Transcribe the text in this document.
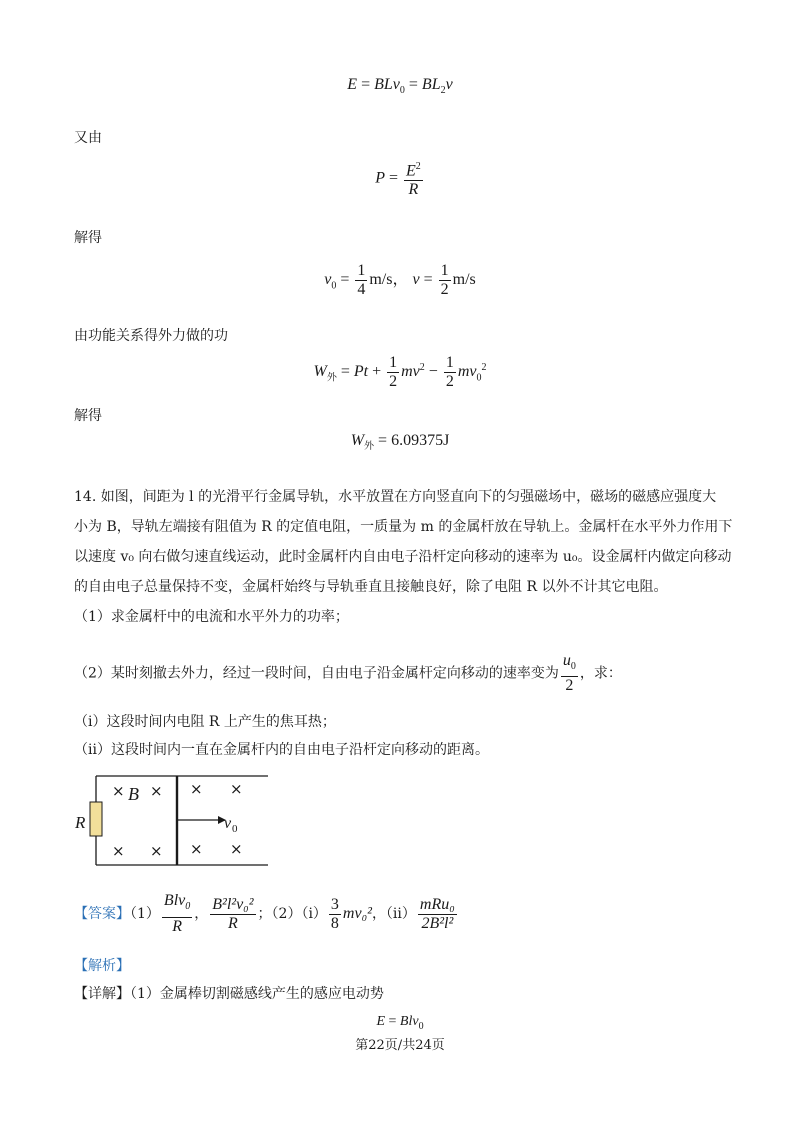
$E = BLv_0 = BL_2v$
又由
$P = \frac{E^2}{R}$
解得
$v_0 = \frac{1}{4} m/s$， $v = \frac{1}{2} m/s$
由功能关系得外力做的功
$W_外 = Pt + \frac{1}{2} mv^2 - \frac{1}{2} mv_0^2$
解得
$W_外 = 6.09375J$
14. 如图，间距为 l 的光滑平行金属导轨，水平放置在方向竖直向下的匀强磁场中，磁场的磁感应强度大
小为 B，导轨左端接有阻值为 R 的定值电阻，一质量为 m 的金属杆放在导轨上。金属杆在水平外力作用下
以速度 v₀ 向右做匀速直线运动，此时金属杆内自由电子沿杆定向移动的速率为 u₀。设金属杆内做定向移动
的自由电子总量保持不变，金属杆始终与导轨垂直且接触良好，除了电阻 R 以外不计其它电阻。
（1）求金属杆中的电流和水平外力的功率；
（2）某时刻撤去外力，经过一段时间，自由电子沿金属杆定向移动的速率变为 $\frac{u_0}{2}$ ，求：
（i）这段时间内电阻 R 上产生的焦耳热；
（ii）这段时间内一直在金属杆内的自由电子沿杆定向移动的距离。
× × × ×
× × × ×
B
R	v 0
【答案】$(1) \frac{Blv_0}{R}$ ， $\frac{\text{B²l²v₀²}}{R}$ ；$(2)(i) \frac{3}{8} mv_0^2$，$(ii) \frac{\text{mRu₀}}{\text{2B²l²}}$
【解析】
【详解】（1）金属棒切割磁感线产生的感应电动势
E = Blv$_0$
第22页/共24页
